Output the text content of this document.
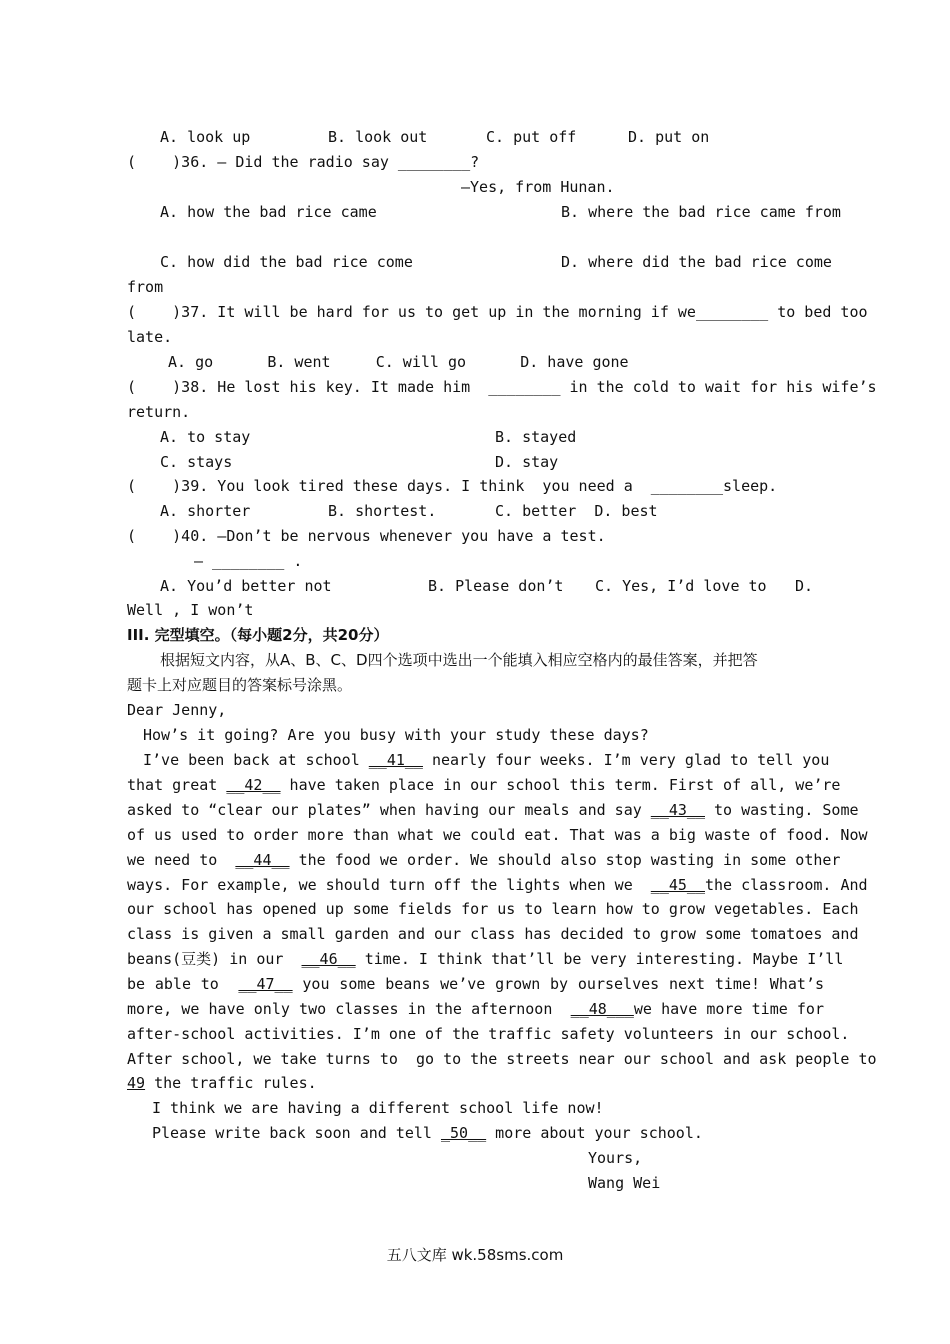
A. look up	B. look out	C. put off	D. put on
(    )36. — Did the radio say ________?
—Yes, from Hunan.
A. how the bad rice came	B. where the bad rice came from
C. how did the bad rice come	D. where did the bad rice come
from
(    )37. It will be hard for us to get up in the morning if we________ to bed too
late.
A. go      B. went     C. will go      D. have gone
(    )38. He lost his key. It made him  ________ in the cold to wait for his wife’s
return.
A. to stay	B. stayed
C. stays	D. stay
(    )39. You look tired these days. I think  you need a  ________sleep.
A. shorter	B. shortest.	C. better  D. best
(    )40. —Don’t be nervous whenever you have a test.
— ________ .
A. You’d better not	B. Please don’t C. Yes, I’d love to D.
Well , I won’t
III. 完型填空。（每小题2分，共20分）
根据短文内容，从A、B、C、D四个选项中选出一个能填入相应空格内的最佳答案，并把答
题卡上对应题目的答案标号涂黑。
Dear Jenny,
How’s it going? Are you busy with your study these days?
I’ve been back at school __41__ nearly four weeks. I’m very glad to tell you
that great __42__ have taken place in our school this term. First of all, we’re
asked to “clear our plates” when having our meals and say __43__ to wasting. Some
of us used to order more than what we could eat. That was a big waste of food. Now
we need to  __44__ the food we order. We should also stop wasting in some other
ways. For example, we should turn off the lights when we  __45__the classroom. And
our school has opened up some fields for us to learn how to grow vegetables. Each
class is given a small garden and our class has decided to grow some tomatoes and
beans(豆类) in our  __46__ time. I think that’ll be very interesting. Maybe I’ll
be able to  __47__ you some beans we’ve grown by ourselves next time! What’s
more, we have only two classes in the afternoon  __48___we have more time for
after-school activities. I’m one of the traffic safety volunteers in our school.
After school, we take turns to  go to the streets near our school and ask people to
49 the traffic rules.
I think we are having a different school life now!
Please write back soon and tell _50__ more about your school.
Yours,
Wang Wei
五八文库 wk.58sms.com
